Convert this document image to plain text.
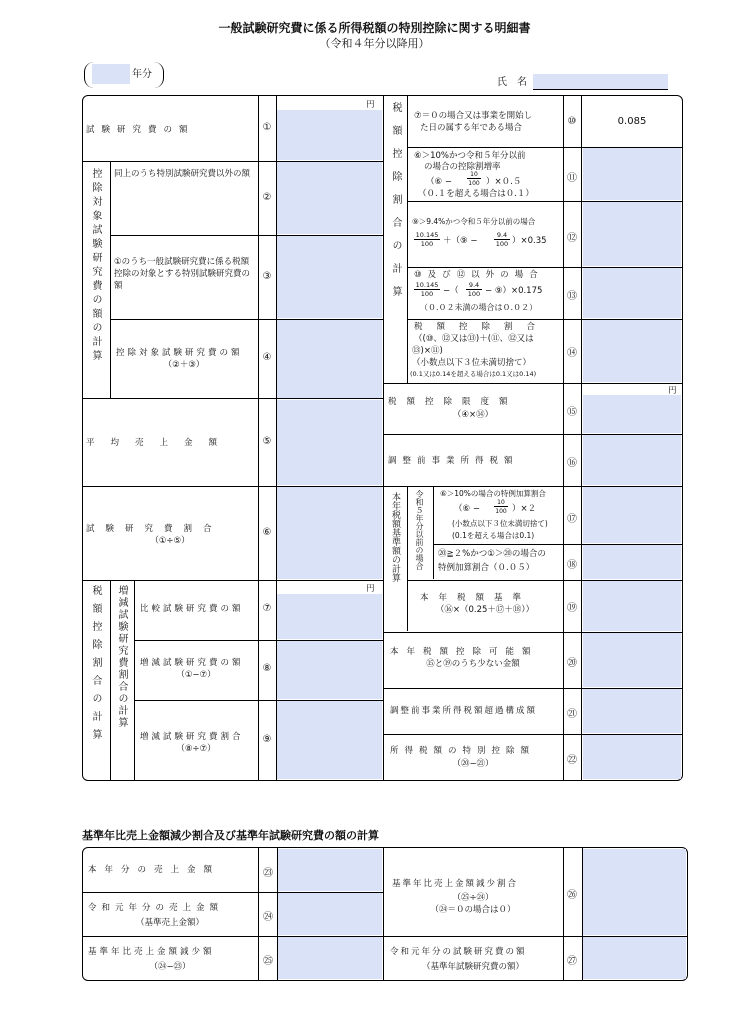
一般試験研究費に係る所得税額の特別控除に関する明細書
（令和４年分以降用）
年分
氏　名
円
円
円
試験研究費の額
控除対象試験研究費の額の計算 同上のうち特別試験研究費以外の額
①のうち一般試験研究費に係る税額控除の対象とする特別試験研究費の額
控除対象試験研究費の額
（②＋③）
平均売上金額
試験研究費割合
（①÷⑤）
税額控除割合の計算 増減試験研究費割合の計算 比較試験研究費の額
増減試験研究費の額
（①−⑦）
増減試験研究費割合
（⑧÷⑦）
税額控除割合の計算 ⑦＝０の場合又は事業を開始し
た日の属する年である場合
0.085
⑥＞10%かつ令和５年分以前
の場合の控除割増率
（⑥ −
10
100 ）×０.５
（０.１を超える場合は０.１）
⑨＞9.4%かつ令和５年分以前の場合
10.145
100	＋（⑨ −
9.4
100 ）×0.35
⑩及び⑫以外の場合
10.145
100	−（
9.4
100 − ⑨）×0.175
（０.０２未満の場合は０.０２）
税額控除割合
（(⑩、⑫又は⑬)＋(⑪、⑫又は
⑬)×⑪)
（小数点以下３位未満切捨て）
(0.1又は0.14を超える場合は0.1又は0.14)
税額控除限度額
（④×⑭）
調整前事業所得税額
本年税額基準額の計算 令和５年分以前の場合 ⑥＞10%の場合の特例加算割合
（⑥ −
10
100 ）×２
(小数点以下３位未満切捨て)
(0.1を超える場合は0.1)
⑳≧２%かつ①＞⑳の場合の
特例加算割合（０.０５）
本年税額基準
（⑯×（0.25＋⑰＋⑱））
本年税額控除可能額
⑮と⑲のうち少ない金額
調整前事業所得税額超過構成額
所得税額の特別控除額
（⑳−㉑）
①
②
③
④
⑤
⑥
⑦
⑧
⑨
⑩
⑪
⑫
⑬
⑭
⑮
⑯
⑰
⑱
⑲
⑳
㉑
㉒
基準年比売上金額減少割合及び基準年試験研究費の額の計算
本年分の売上金額
令和元年分の売上金額
（基準売上金額）
基準年比売上金額減少額
（㉔−㉓）
基準年比売上金額減少割合
（㉕÷㉔）
（㉔＝０の場合は０）
令和元年分の試験研究費の額
（基準年試験研究費の額）
㉓
㉔
㉕
㉖
㉗
